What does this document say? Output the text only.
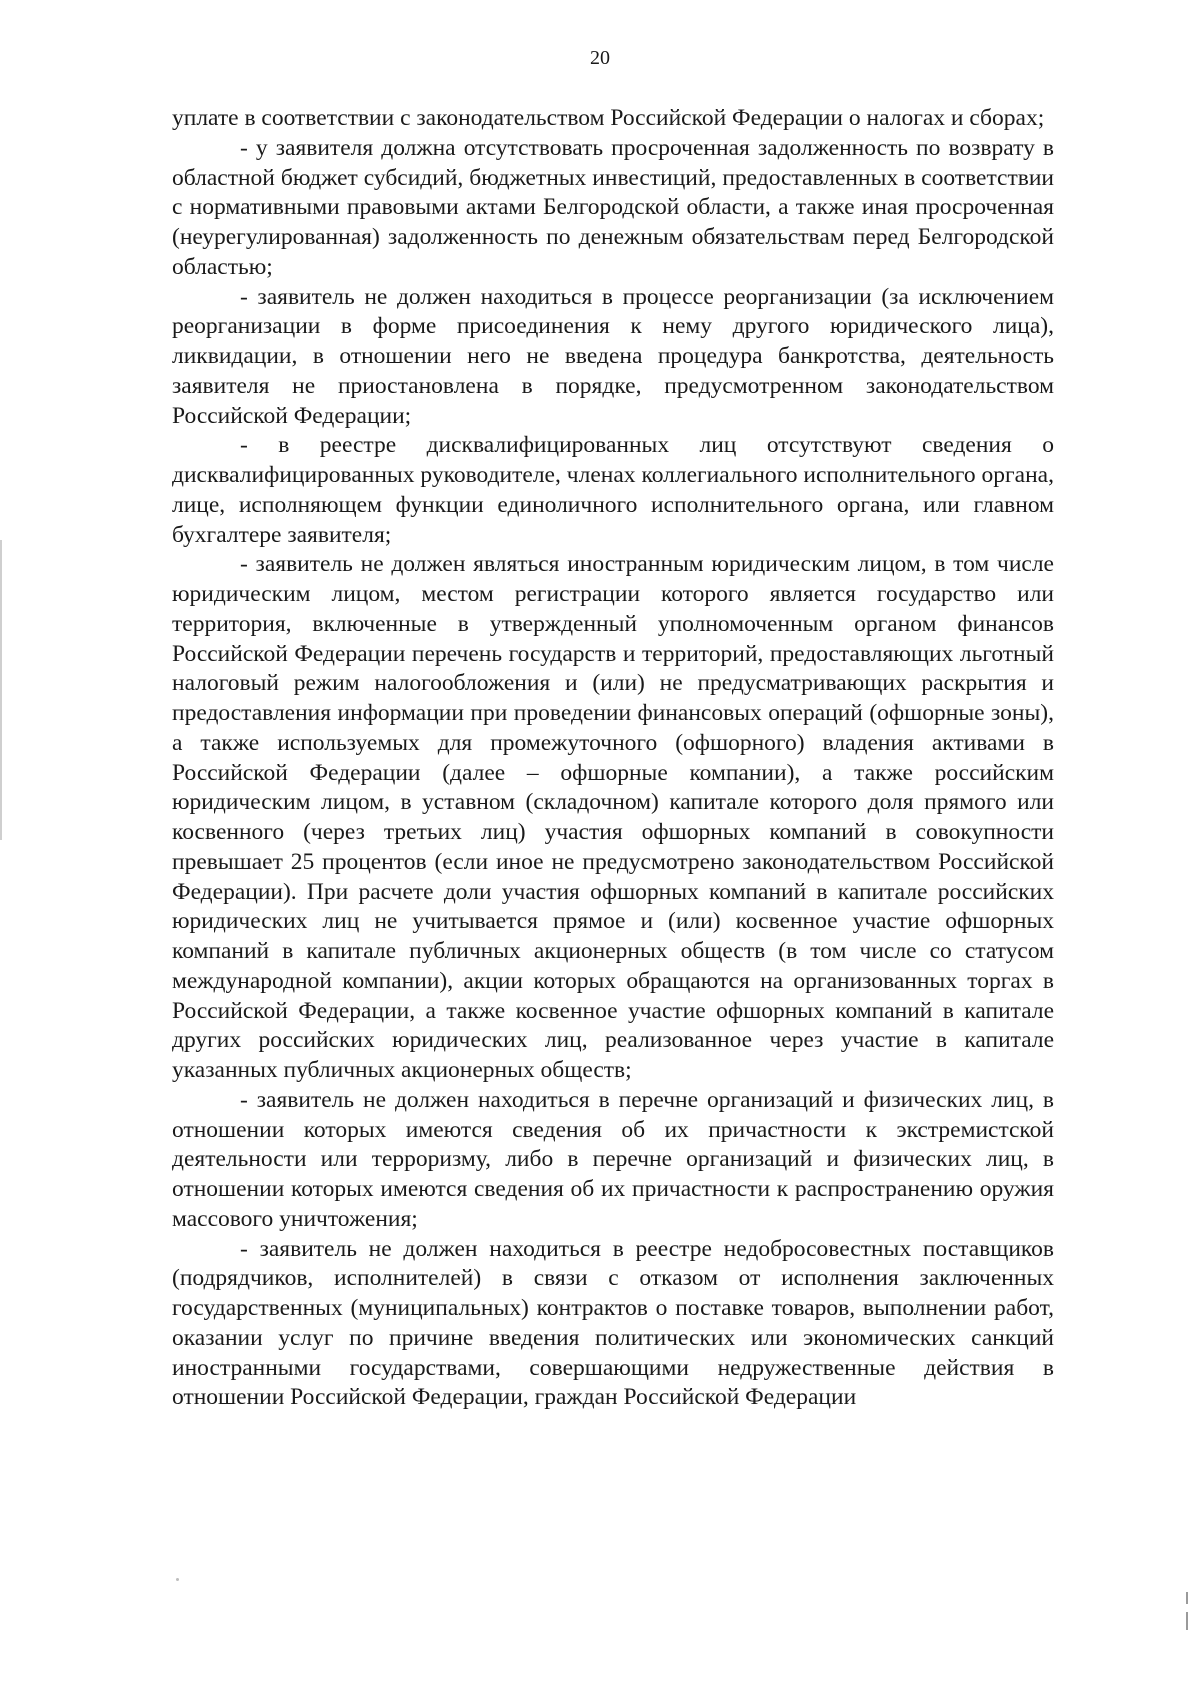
20

уплате в соответствии с законодательством Российской Федерации о налогах и сборах;

- у заявителя должна отсутствовать просроченная задолженность по возврату в областной бюджет субсидий, бюджетных инвестиций, предоставленных в соответствии с нормативными правовыми актами Белгородской области, а также иная просроченная (неурегулированная) задолженность по денежным обязательствам перед Белгородской областью;

- заявитель не должен находиться в процессе реорганизации (за исключением реорганизации в форме присоединения к нему другого юридического лица), ликвидации, в отношении него не введена процедура банкротства, деятельность заявителя не приостановлена в порядке, предусмотренном законодательством Российской Федерации;

- в реестре дисквалифицированных лиц отсутствуют сведения о дисквалифицированных руководителе, членах коллегиального исполнительного органа, лице, исполняющем функции единоличного исполнительного органа, или главном бухгалтере заявителя;

- заявитель не должен являться иностранным юридическим лицом, в том числе юридическим лицом, местом регистрации которого является государство или территория, включенные в утвержденный уполномоченным органом финансов Российской Федерации перечень государств и территорий, предоставляющих льготный налоговый режим налогообложения и (или) не предусматривающих раскрытия и предоставления информации при проведении финансовых операций (офшорные зоны), а также используемых для промежуточного (офшорного) владения активами в Российской Федерации (далее – офшорные компании), а также российским юридическим лицом, в уставном (складочном) капитале которого доля прямого или косвенного (через третьих лиц) участия офшорных компаний в совокупности превышает 25 процентов (если иное не предусмотрено законодательством Российской Федерации). При расчете доли участия офшорных компаний в капитале российских юридических лиц не учитывается прямое и (или) косвенное участие офшорных компаний в капитале публичных акционерных обществ (в том числе со статусом международной компании), акции которых обращаются на организованных торгах в Российской Федерации, а также косвенное участие офшорных компаний в капитале других российских юридических лиц, реализованное через участие в капитале указанных публичных акционерных обществ;

- заявитель не должен находиться в перечне организаций и физических лиц, в отношении которых имеются сведения об их причастности к экстремистской деятельности или терроризму, либо в перечне организаций и физических лиц, в отношении которых имеются сведения об их причастности к распространению оружия массового уничтожения;

- заявитель не должен находиться в реестре недобросовестных поставщиков (подрядчиков, исполнителей) в связи с отказом от исполнения заключенных государственных (муниципальных) контрактов о поставке товаров, выполнении работ, оказании услуг по причине введения политических или экономических санкций иностранными государствами, совершающими недружественные действия в отношении Российской Федерации, граждан Российской Федерации
